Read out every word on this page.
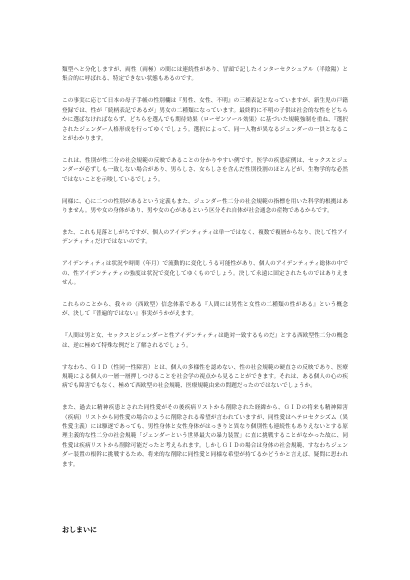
類型へと分化しますが、両性（両極）の間には連続性があり、冒頭で記したインターセクシュアル（半陰陽）と集合的に呼ばれる、特定できない状態もあるのです。

この事実に応じて日本の母子手帳の性別欄は『男性、女性、不明』の三種表記となっていますが、新生児の戸籍登録では、性が「続柄表記であるが」男女の二種類になっています。最終的に不明の子供は社会的な性をどちらかに選ばなければならず、どちらを選んでも期待効果（ローゼンソール効果）に基づいた規範強制を重ね、『選択されたジェンダー人格形成を行ってゆくでしょう。選択によって、同一人物が異なるジェンダーの一員となることがわかります。

これは、性別が性二分の社会規範の反映であることの分かりやすい例です。医学の疾患症例は、セックスとジェンダーが必ずしも一致しない場合があり、男らしさ、女らしさを含んだ性別役割のほとんどが、生物学的な必然ではないことを示唆しているでしょう。

同様に、心に二つの性別があるという定義もまた、ジェンダー性二分の社会規範の指標を用いた科学的根拠はありません。男や女の身体があり、男や女の心があるという区分それ自体が社会通念の産物であるからです。

また、これも見落としがちですが、個人のアイデンティティは単一ではなく、複数で複層からなり、決して性アイデンティティだけではないのです。

アイデンティティは状況や時間（年月）で流動的に変化しうる可能性があり、個人のアイデンティティ総体の中での、性アイデンティティの強度は状況で変化してゆくものでしょう。決して永遠に固定されたものではありえません。

これらのことから、我々の（西欧型）信念体系である『人間には男性と女性の二種類の性がある』という概念が、決して『普遍的ではない』事実がうかがえます。

『人間は男と女、セックスとジェンダーと性アイデンティティは絶対一致するものだ』とする西欧型性二分の概念は、逆に極めて特殊な例だと了解されるでしょう。

すなわち、ＧＩＤ（性同一性障害）とは、個人の多様性を認めない、性の社会規範の硬直さの反映であり、医療規範による個人の一層一層押しつけることを社会学の視点から見ることができます。それは、ある個人の心の疾病でも障害でもなく、極めて西欧型の社会規範、医療規範由来の問題だったのではないでしょうか。

また、過去に精神疾患とされた同性愛がその後疾病リストから削除された経緯から、ＧＩＤの将来も精神障害（疾病）リストから同性愛の場合のように削除される希望が言われていますが、同性愛はヘテロセクシズム（異性愛主義）には駆逐であっても、男性身体と女性身体がはっきりと異なり個別性も連続性もありえないとする原理主義的な性二分の社会規範「ジェンダーという世界最大の暴力装置」に直に挑戦することがなかった故に、同性愛は疾病リストから削除可能だったと考えられます。しかしＧＩＤの場合は身体の社会規範、すなわちジェンダー装置の根幹に挑戦するため、将来的な削除に同性愛と同様な希望が持てるかどうかと言えば、疑問に思われます。

おしまいに
